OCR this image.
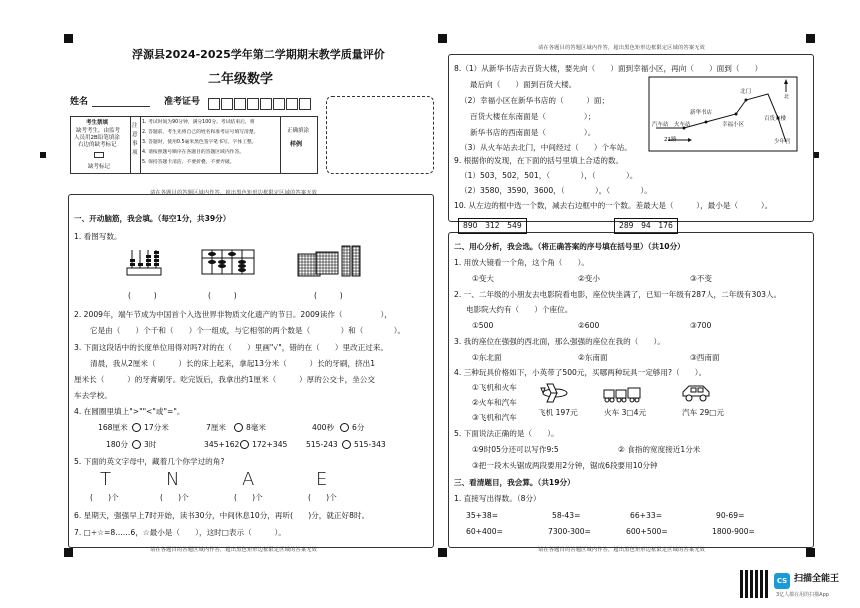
浮源县2024-2025学年第二学期期末教学质量评价
二年级数学
姓名	准考证号
考生禁填
缺考考生，由监考
人员用2B铅笔填涂
右边的缺考标记
缺考标记
注意事项
1. 考试时间为90分钟，满分100分。考试结束后，将
2. 答题前，考生先将自己的姓名和准考证号填写清楚。
3. 答题时，使用0.5毫米黑色签字笔书写。字体工整。
4. 请按照题号顺序在各题目的答题区域内作答。
5. 保持答题卡清洁，不要折叠、不要弄破。
正确填涂
样例
请在各题目的答题区域内作答，超出黑色矩形边框限定区域的答案无效
请在各题目的答题区域内作答，超出黑色矩形边框限定区域的答案无效
一、开动脑筋，我会填。（每空1分，共39分）
1. 看图写数。
(　　　)	(　　　)	(　　　)
2. 2009年，端午节成为中国首个入选世界非物质文化遗产的节日。2009读作（　　　　　），
它是由（　　）个千和（　　）个一组成，与它相邻的两个数是（　　　　）和（　　　　）。
3. 下面这段话中的长度单位用得对吗?对的在（　　）里画"√"，错的在（　　）里改正过来。
清晨，我从2厘米（　　　）长的床上起来，拿起13分米（　　　）长的牙刷，挤出1
厘米长（　　　）的牙膏刷牙。吃完饭后，我拿出约1厘米（　　　）厚的公交卡，坐公交
车去学校。
4. 在圆圈里填上">""<"或"="。
168厘米 17分米	7厘米	8毫米	400秒 6分
180分 3时	345+162 172+345 515-243 515-343
5. 下面的英文字母中，藏着几个你学过的角?
T	N	A	E
(　　)个	(　　)个	(　　)个	(　　)个
6. 星期天，强强早上7时开始，读书30分，中间休息10分，再听(　　)分，就正好8时。
7. □÷☆=8……6，☆最小是（　　），这时□表示（　　　）。
请在各题目的答题区域内作答，超出黑色矩形边框限定区域的答案无效
请在各题目的答题区域内作答，超出黑色矩形边框限定区域的答案无效
8.（1）从新华书店去百货大楼，要先向（　　）面到幸福小区，再向（　　）面到（　　）
最后向（　　）面到百货大楼。
（2）幸福小区在新华书店的（　　　）面；
百货大楼在东南面是（　　　　　）；
新华书店的西南面是（　　　　　）。
（3）从火车站去北门，中间经过（　　）个车站。
北
北门
新华书店
幸福小区
百货大楼
汽车站 火车站
21路	少年宫
9. 根据你的发现，在下面的括号里填上合适的数。
（1）503，502，501，（　　　　），（　　　　）。
（2）3580，3590，3600，（　　　　），（　　　　）。
10. 从左边的框中选一个数，减去右边框中的一个数。差最大是（　　　），最小是（　　　）。
890　312　549	289　94　176
二、用心分析，我会选。（将正确答案的序号填在括号里）（共10分）
1. 用放大镜看一个角，这个角（　　）。
①变大	②变小	③不变
2. 一、二年级的小朋友去电影院看电影，座位快坐满了，已知一年级有287人，二年级有303人。
电影院大约有（　　）个座位。
①500	②600	③700
3. 我的座位在强强的西北面，那么强强的座位在我的（　　）。
①东北面	②东南面	③西南面
4. 三种玩具价格如下，小英带了500元，买哪两种玩具一定够用?（　　）。
①飞机和火车
②火车和汽车
③飞机和汽车
飞机 197元	火车 3□4元	汽车 29□元
5. 下面说法正确的是（　　）。
①9时05分还可以写作9:5	② 食指的宽度接近1分米
③把一段木头锯成两段要用2分钟，锯成6段要用10分钟
三、看清题目，我会算。（共19分）
1. 直接写出得数。（8分）
35+38=	58-43=	66+33=	90-69=
60+400=	7300-300=	600+500=	1800-900=
CS 扫描全能王
3亿人都在用的扫描App
